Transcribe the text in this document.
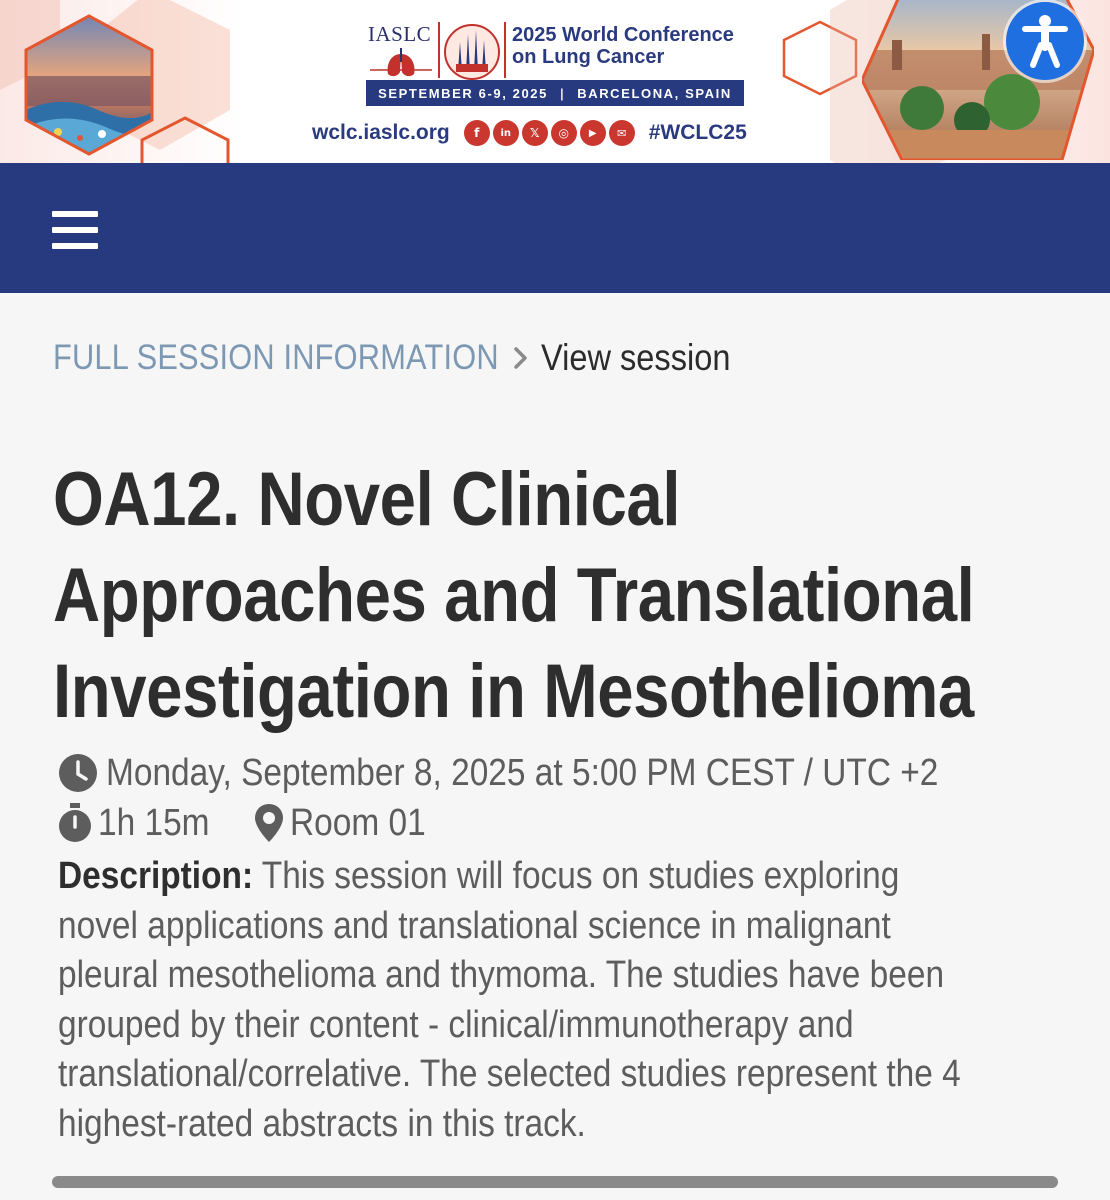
IASLC	2025 World Conference
on Lung Cancer
SEPTEMBER 6-9, 2025 | BARCELONA, SPAIN
wclc.iaslc.org	f	in	𝕏	◎	▶	✉	#WCLC25
FULL SESSION INFORMATION View session
OA12. Novel Clinical
Approaches and Translational
Investigation in Mesothelioma
Monday, September 8, 2025 at 5:00 PM CEST / UTC +2
1h 15m	Room 01
Description: This session will focus on studies exploring
novel applications and translational science in malignant
pleural mesothelioma and thymoma. The studies have been
grouped by their content - clinical/immunotherapy and
translational/correlative. The selected studies represent the 4
highest-rated abstracts in this track.
